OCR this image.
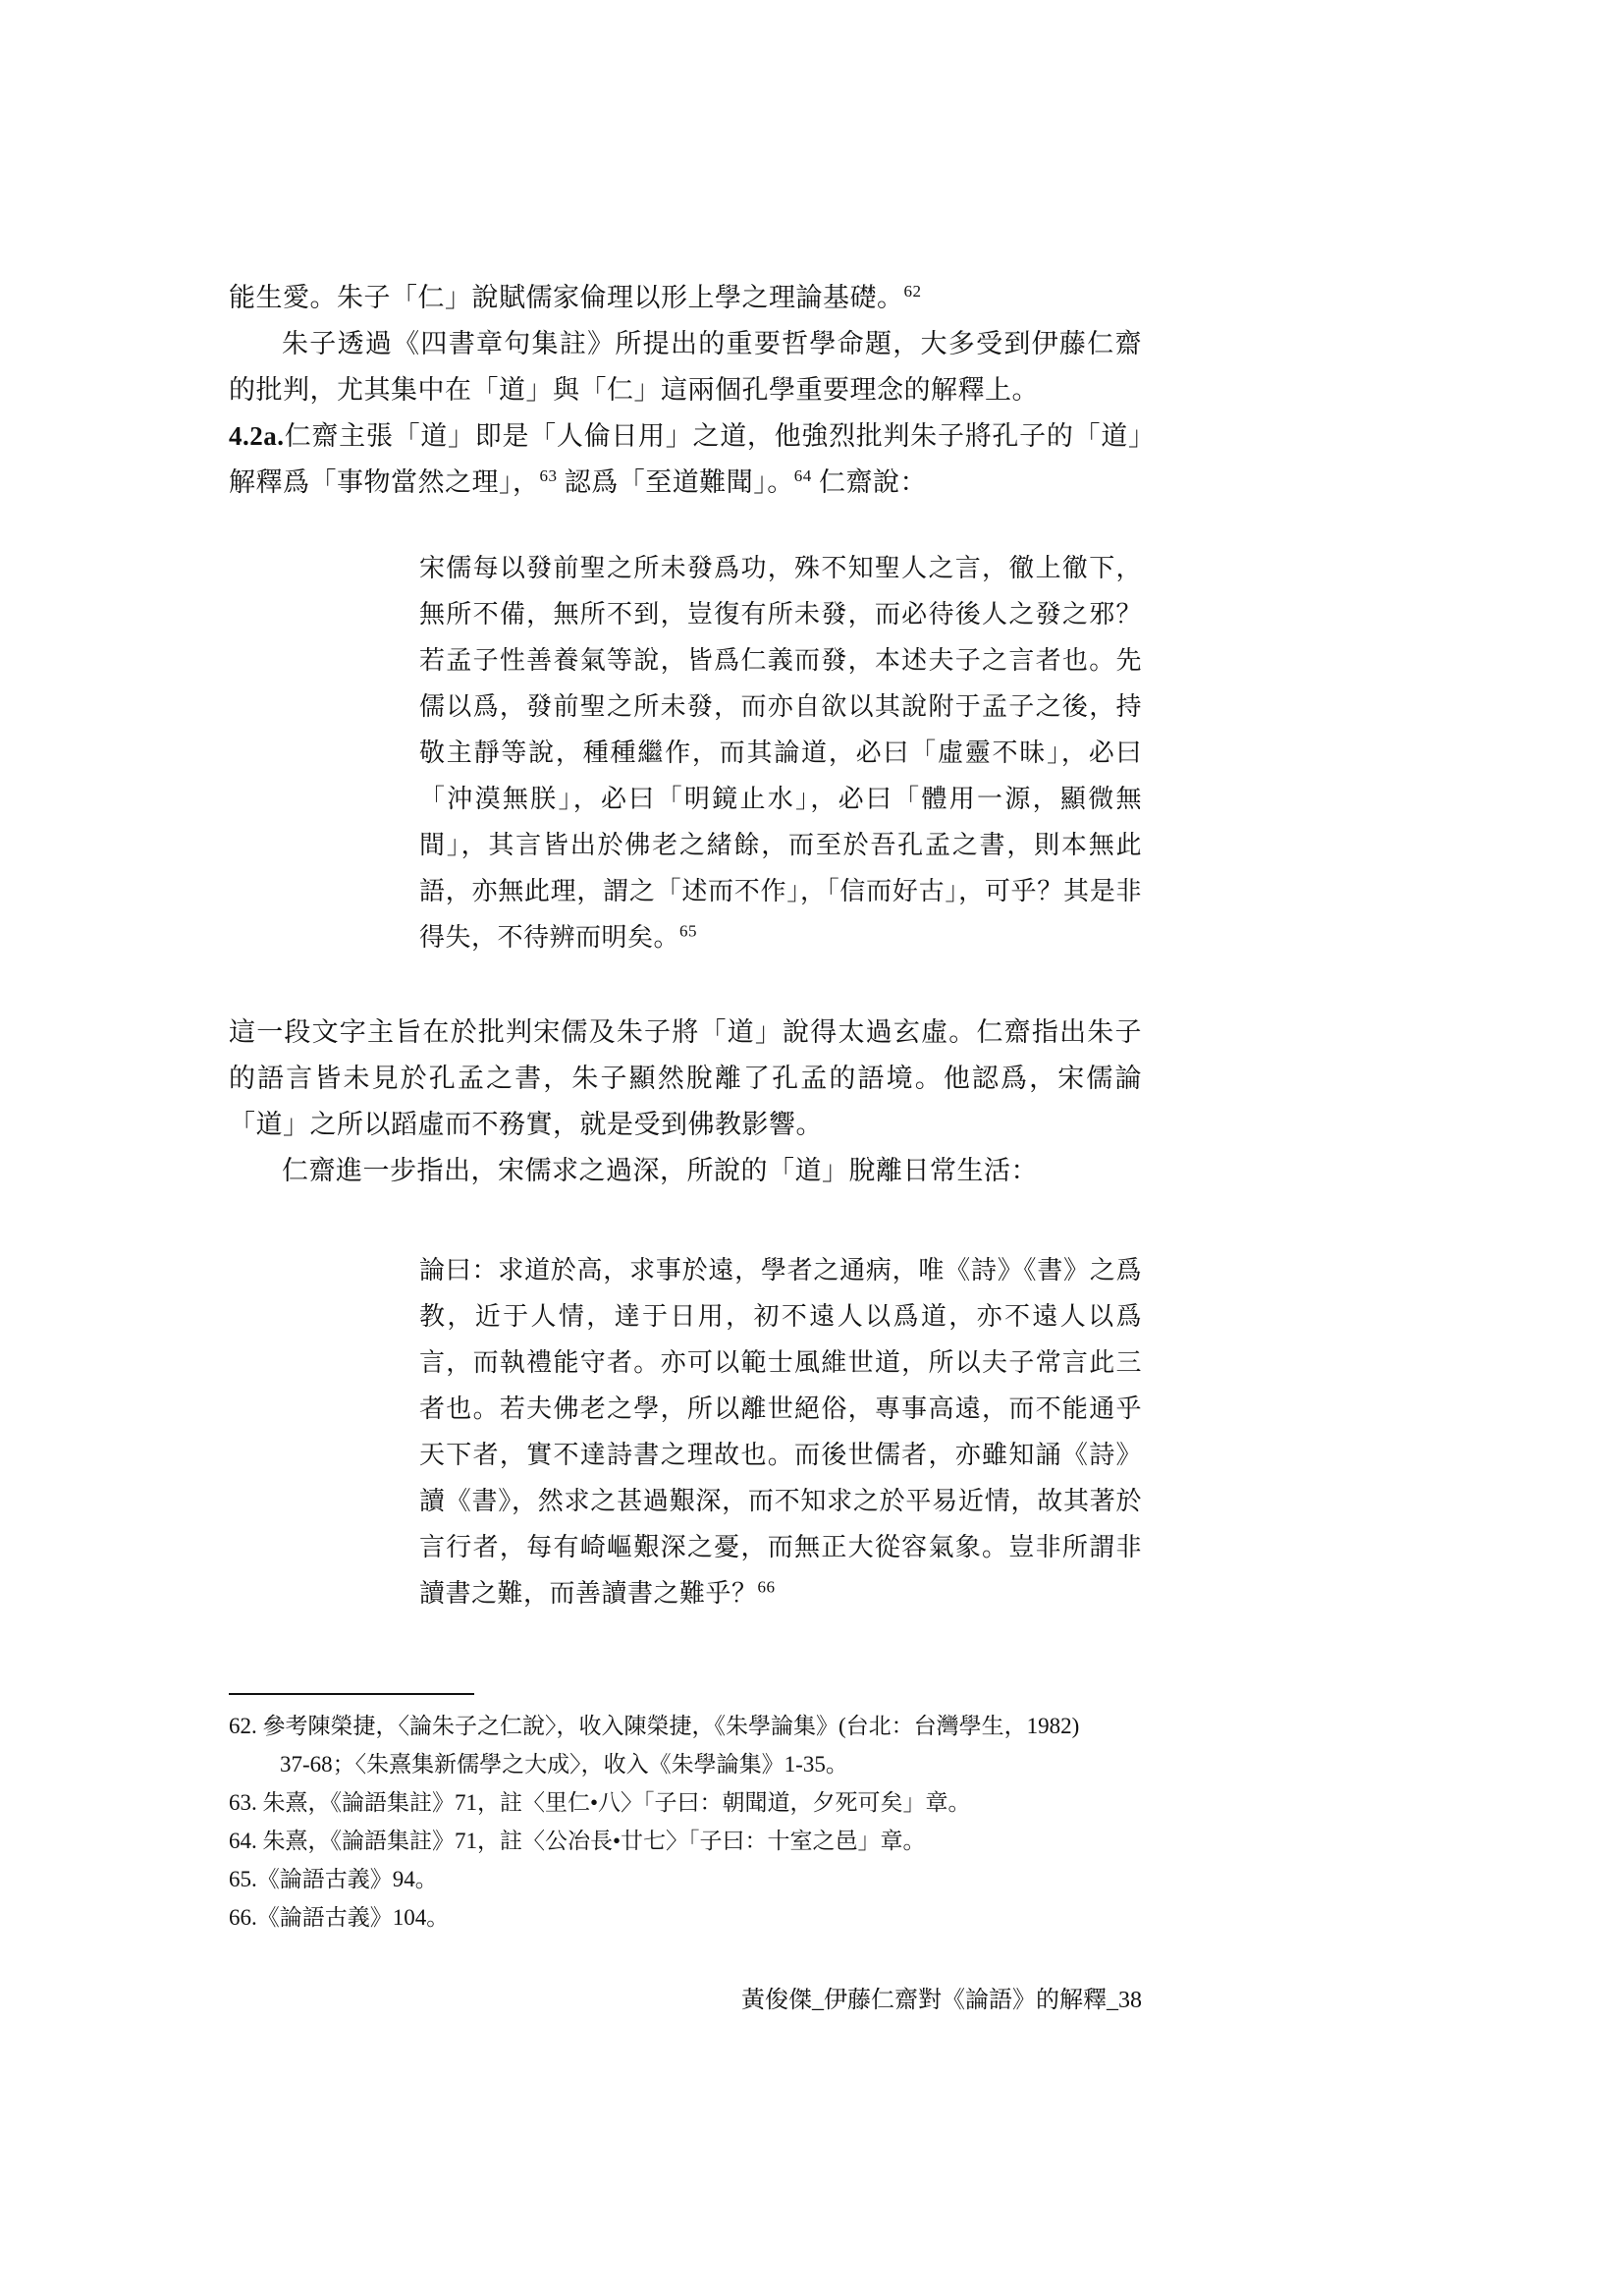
能生愛。朱子「仁」說賦儒家倫理以形上學之理論基礎。$^{62}$

朱子透過《四書章句集註》所提出的重要哲學命題，大多受到伊藤仁齋的批判，尤其集中在「道」與「仁」這兩個孔學重要理念的解釋上。

4.2a.仁齋主張「道」即是「人倫日用」之道，他強烈批判朱子將孔子的「道」解釋爲「事物當然之理」，$^{63}$ 認爲「至道難聞」。$^{64}$ 仁齋說：

宋儒每以發前聖之所未發爲功，殊不知聖人之言，徹上徹下，無所不備，無所不到，豈復有所未發，而必待後人之發之邪？若孟子性善養氣等說，皆爲仁義而發，本述夫子之言者也。先儒以爲，發前聖之所未發，而亦自欲以其說附于孟子之後，持敬主靜等說，種種繼作，而其論道，必曰「虛靈不昧」，必曰「沖漠無朕」，必曰「明鏡止水」，必曰「體用一源，顯微無間」，其言皆出於佛老之緒餘，而至於吾孔孟之書，則本無此語，亦無此理，謂之「述而不作」，「信而好古」，可乎？其是非得失，不待辨而明矣。$^{65}$

這一段文字主旨在於批判宋儒及朱子將「道」說得太過玄虛。仁齋指出朱子的語言皆未見於孔孟之書，朱子顯然脫離了孔孟的語境。他認爲，宋儒論「道」之所以蹈虛而不務實，就是受到佛教影響。

仁齋進一步指出，宋儒求之過深，所說的「道」脫離日常生活：

論曰：求道於高，求事於遠，學者之通病，唯《詩》《書》之爲教，近于人情，達于日用，初不遠人以爲道，亦不遠人以爲言，而執禮能守者。亦可以範士風維世道，所以夫子常言此三者也。若夫佛老之學，所以離世絕俗，專事高遠，而不能通乎天下者，實不達詩書之理故也。而後世儒者，亦雖知誦《詩》讀《書》，然求之甚過艱深，而不知求之於平易近情，故其著於言行者，每有崎嶇艱深之憂，而無正大從容氣象。豈非所謂非讀書之難，而善讀書之難乎？$^{66}$

62. 參考陳榮捷，〈論朱子之仁說〉，收入陳榮捷，《朱學論集》(台北：台灣學生，1982)
37-68；〈朱熹集新儒學之大成〉，收入《朱學論集》1-35。

63. 朱熹，《論語集註》71，註〈里仁•八〉「子曰：朝聞道，夕死可矣」章。

64. 朱熹，《論語集註》71，註〈公冶長•廿七〉「子曰：十室之邑」章。

65.《論語古義》94。

66.《論語古義》104。

黃俊傑_伊藤仁齋對《論語》的解釋_38
